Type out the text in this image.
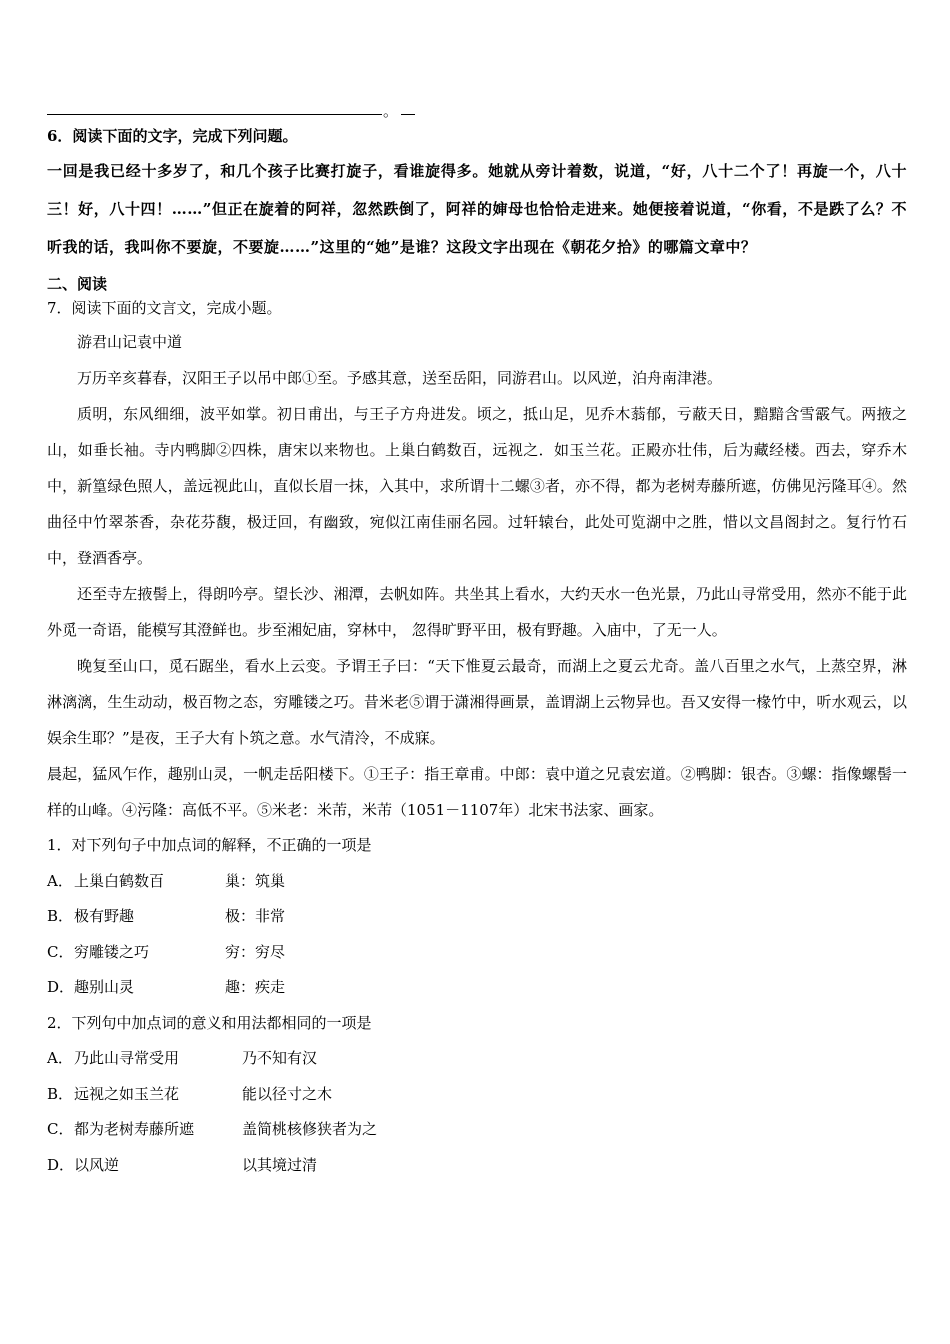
。
6．阅读下面的文字，完成下列问题。
一回是我已经十多岁了，和几个孩子比赛打旋子，看谁旋得多。她就从旁计着数，说道，“好，八十二个了！再旋一个，八十三！好，八十四！……”但正在旋着的阿祥，忽然跌倒了，阿祥的婶母也恰恰走进来。她便接着说道，“你看，不是跌了么？不听我的话，我叫你不要旋，不要旋……”这里的“她”是谁？这段文字出现在《朝花夕拾》的哪篇文章中？
二、阅读
7．阅读下面的文言文，完成小题。
游君山记袁中道
万历辛亥暮春，汉阳王子以吊中郎①至。予感其意，送至岳阳，同游君山。以风逆，泊舟南津港。
质明，东风细细，波平如掌。初日甫出，与王子方舟进发。顷之，抵山足，见乔木蓊郁，亏蔽天日，黯黯含雪霰气。两掖之山，如垂长袖。寺内鸭脚②四株，唐宋以来物也。上巢白鹤数百，远视之．如玉兰花。正殿亦壮伟，后为藏经楼。西去，穿乔木中，新篁绿色照人，盖远视此山，直似长眉一抹，入其中，求所谓十二螺③者，亦不得，都为老树寿藤所遮，仿佛见污隆耳④。然曲径中竹翠茶香，杂花芬馥，极迂回，有幽致，宛似江南佳丽名园。过轩辕台，此处可览湖中之胜，惜以文昌阁封之。复行竹石中，登酒香亭。
还至寺左掖髻上，得朗吟亭。望长沙、湘潭，去帆如阵。共坐其上看水，大约天水一色光景，乃此山寻常受用，然亦不能于此外觅一奇语，能模写其澄鲜也。步至湘妃庙，穿林中， 忽得旷野平田，极有野趣。入庙中，了无一人。
晚复至山口，觅石踞坐，看水上云变。予谓王子曰：“天下惟夏云最奇，而湖上之夏云尤奇。盖八百里之水气，上蒸空界，淋淋漓漓，生生动动，极百物之态，穷雕镂之巧。昔米老⑤谓于潇湘得画景，盖谓湖上云物异也。吾又安得一椽竹中，听水观云，以娱余生耶？”是夜，王子大有卜筑之意。水气清泠，不成寐。
晨起，猛风乍作，趣别山灵，一帆走岳阳楼下。①王子：指王章甫。中郎：袁中道之兄袁宏道。②鸭脚：银杏。③螺：指像螺髻一样的山峰。④污隆：高低不平。⑤米老：米芾，米芾（1051－1107年）北宋书法家、画家。
1．对下列句子中加点词的解释，不正确的一项是
A．上巢白鹤数百	巢：筑巢
B．极有野趣	极：非常
C．穷雕镂之巧	穷：穷尽
D．趣别山灵	趣：疾走
2．下列句中加点词的意义和用法都相同的一项是
A．乃此山寻常受用	乃不知有汉
B．远视之如玉兰花	能以径寸之木
C．都为老树寿藤所遮	盖简桃核修狭者为之
D．以风逆	以其境过清
